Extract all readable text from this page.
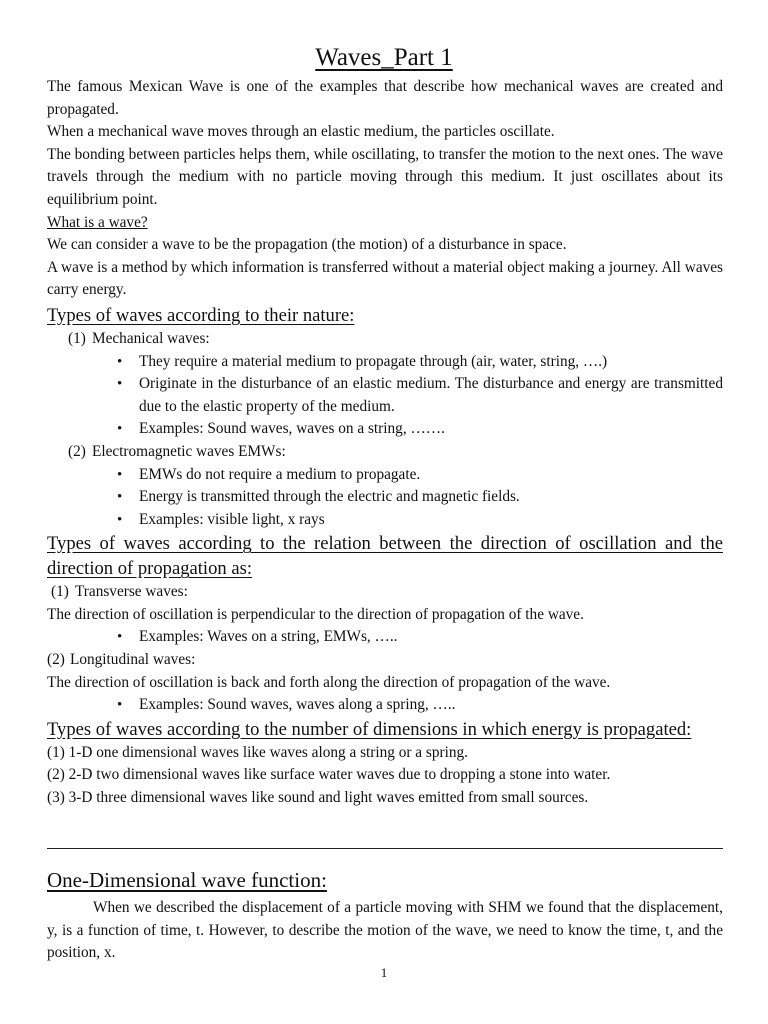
Waves_Part 1

The famous Mexican Wave is one of the examples that describe how mechanical waves are created and propagated.

When a mechanical wave moves through an elastic medium, the particles oscillate.

The bonding between particles helps them, while oscillating, to transfer the motion to the next ones. The wave travels through the medium with no particle moving through this medium. It just oscillates about its equilibrium point.

What is a wave?

We can consider a wave to be the propagation (the motion) of a disturbance in space.

A wave is a method by which information is transferred without a material object making a journey. All waves carry energy.

Types of waves according to their nature:

(1) Mechanical waves:

• They require a material medium to propagate through (air, water, string, ….)
• Originate in the disturbance of an elastic medium. The disturbance and energy are transmitted due to the elastic property of the medium.
• Examples: Sound waves, waves on a string, …….

(2) Electromagnetic waves EMWs:

• EMWs do not require a medium to propagate.
• Energy is transmitted through the electric and magnetic fields.
• Examples: visible light, x rays

Types of waves according to the relation between the direction of oscillation and the direction of propagation as:

(1) Transverse waves:

The direction of oscillation is perpendicular to the direction of propagation of the wave.

• Examples: Waves on a string, EMWs, …..

(2) Longitudinal waves:

The direction of oscillation is back and forth along the direction of propagation of the wave.

• Examples: Sound waves, waves along a spring, …..

Types of waves according to the number of dimensions in which energy is propagated:

(1) 1-D one dimensional waves like waves along a string or a spring.

(2) 2-D two dimensional waves like surface water waves due to dropping a stone into water.

(3) 3-D three dimensional waves like sound and light waves emitted from small sources.

One-Dimensional wave function:

When we described the displacement of a particle moving with SHM we found that the displacement, y, is a function of time, t. However, to describe the motion of the wave, we need to know the time, t, and the position, x.

1
